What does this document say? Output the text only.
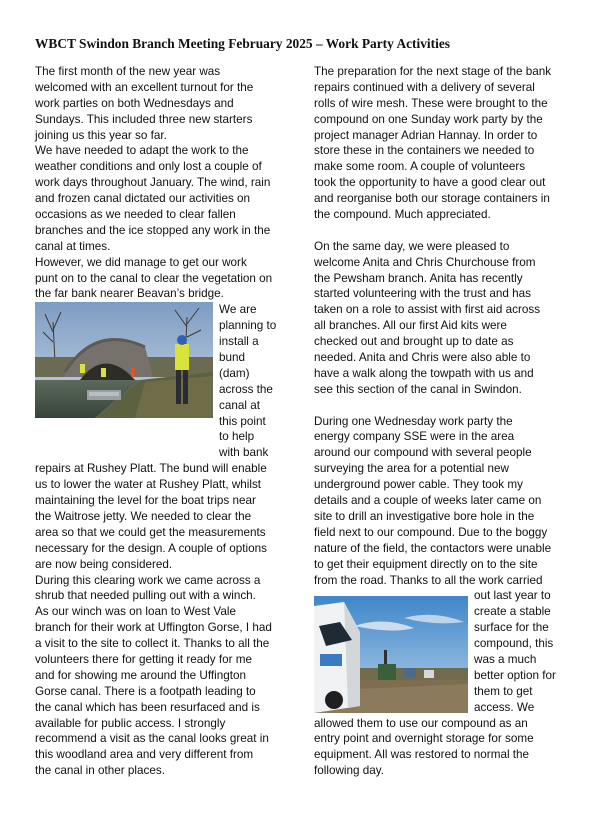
WBCT Swindon Branch Meeting February 2025 – Work Party Activities
The first month of the new year was
welcomed with an excellent turnout for the
work parties on both Wednesdays and
Sundays. This included three new starters
joining us this year so far.
We have needed to adapt the work to the
weather conditions and only lost a couple of
work days throughout January. The wind, rain
and frozen canal dictated our activities on
occasions as we needed to clear fallen
branches and the ice stopped any work in the
canal at times.
However, we did manage to get our work
punt on to the canal to clear the vegetation on
the far bank nearer Beavan’s bridge.
We are
planning to
install a
bund
(dam)
across the
canal at
this point
to help
with bank
repairs at Rushey Platt. The bund will enable
us to lower the water at Rushey Platt, whilst
maintaining the level for the boat trips near
the Waitrose jetty. We needed to clear the
area so that we could get the measurements
necessary for the design. A couple of options
are now being considered.
During this clearing work we came across a
shrub that needed pulling out with a winch.
As our winch was on loan to West Vale
branch for their work at Uffington Gorse, I had
a visit to the site to collect it. Thanks to all the
volunteers there for getting it ready for me
and for showing me around the Uffington
Gorse canal. There is a footpath leading to
the canal which has been resurfaced and is
available for public access. I strongly
recommend a visit as the canal looks great in
this woodland area and very different from
the canal in other places.
The preparation for the next stage of the bank
repairs continued with a delivery of several
rolls of wire mesh. These were brought to the
compound on one Sunday work party by the
project manager Adrian Hannay. In order to
store these in the containers we needed to
make some room. A couple of volunteers
took the opportunity to have a good clear out
and reorganise both our storage containers in
the compound. Much appreciated.
On the same day, we were pleased to
welcome Anita and Chris Churchouse from
the Pewsham branch. Anita has recently
started volunteering with the trust and has
taken on a role to assist with first aid across
all branches. All our first Aid kits were
checked out and brought up to date as
needed. Anita and Chris were also able to
have a walk along the towpath with us and
see this section of the canal in Swindon.
During one Wednesday work party the
energy company SSE were in the area
around our compound with several people
surveying the area for a potential new
underground power cable. They took my
details and a couple of weeks later came on
site to drill an investigative bore hole in the
field next to our compound. Due to the boggy
nature of the field, the contactors were unable
to get their equipment directly on to the site
from the road. Thanks to all the work carried
out last year to
create a stable
surface for the
compound, this
was a much
better option for
them to get
access. We
allowed them to use our compound as an
entry point and overnight storage for some
equipment. All was restored to normal the
following day.
